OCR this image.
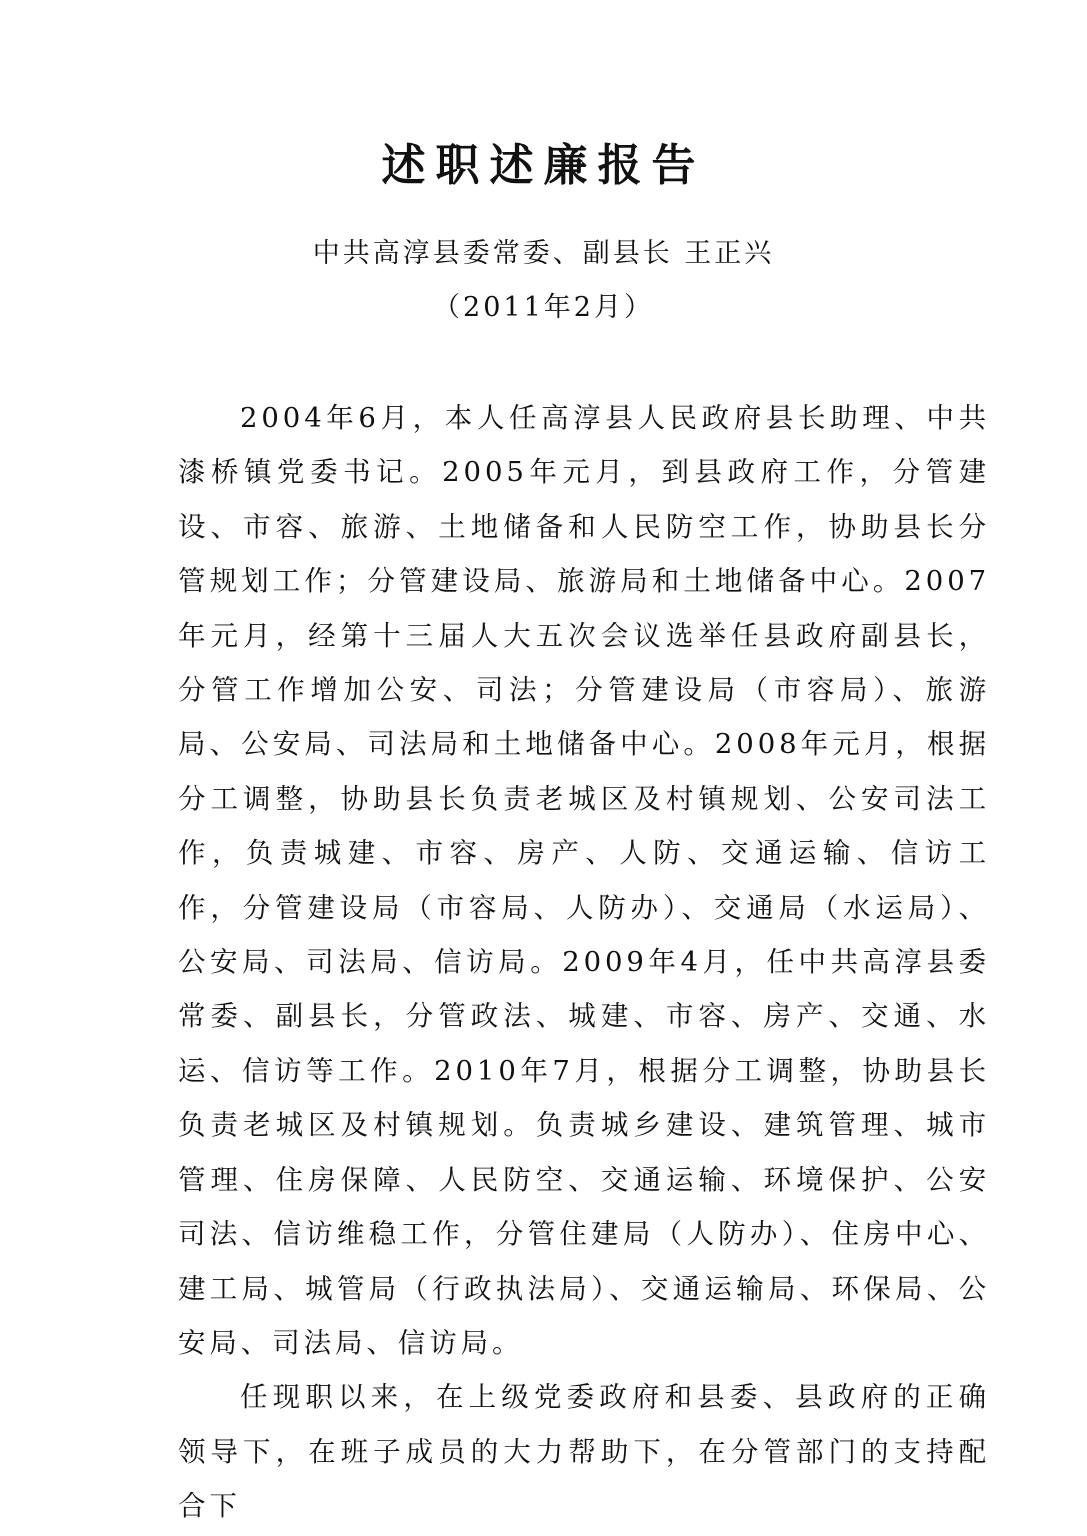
述职述廉报告
中共高淳县委常委、副县长 王正兴
（2011年2月）

2004年6月，本人任高淳县人民政府县长助理、中共漆桥镇党委书记。2005年元月，到县政府工作，分管建设、市容、旅游、土地储备和人民防空工作，协助县长分管规划工作；分管建设局、旅游局和土地储备中心。2007年元月，经第十三届人大五次会议选举任县政府副县长，分管工作增加公安、司法；分管建设局（市容局）、旅游局、公安局、司法局和土地储备中心。2008年元月，根据分工调整，协助县长负责老城区及村镇规划、公安司法工作，负责城建、市容、房产、人防、交通运输、信访工作，分管建设局（市容局、人防办）、交通局（水运局）、公安局、司法局、信访局。2009年4月，任中共高淳县委常委、副县长，分管政法、城建、市容、房产、交通、水运、信访等工作。2010年7月，根据分工调整，协助县长负责老城区及村镇规划。负责城乡建设、建筑管理、城市管理、住房保障、人民防空、交通运输、环境保护、公安司法、信访维稳工作，分管住建局（人防办）、住房中心、建工局、城管局（行政执法局）、交通运输局、环保局、公安局、司法局、信访局。

任现职以来，在上级党委政府和县委、县政府的正确领导下，在班子成员的大力帮助下，在分管部门的支持配合下
